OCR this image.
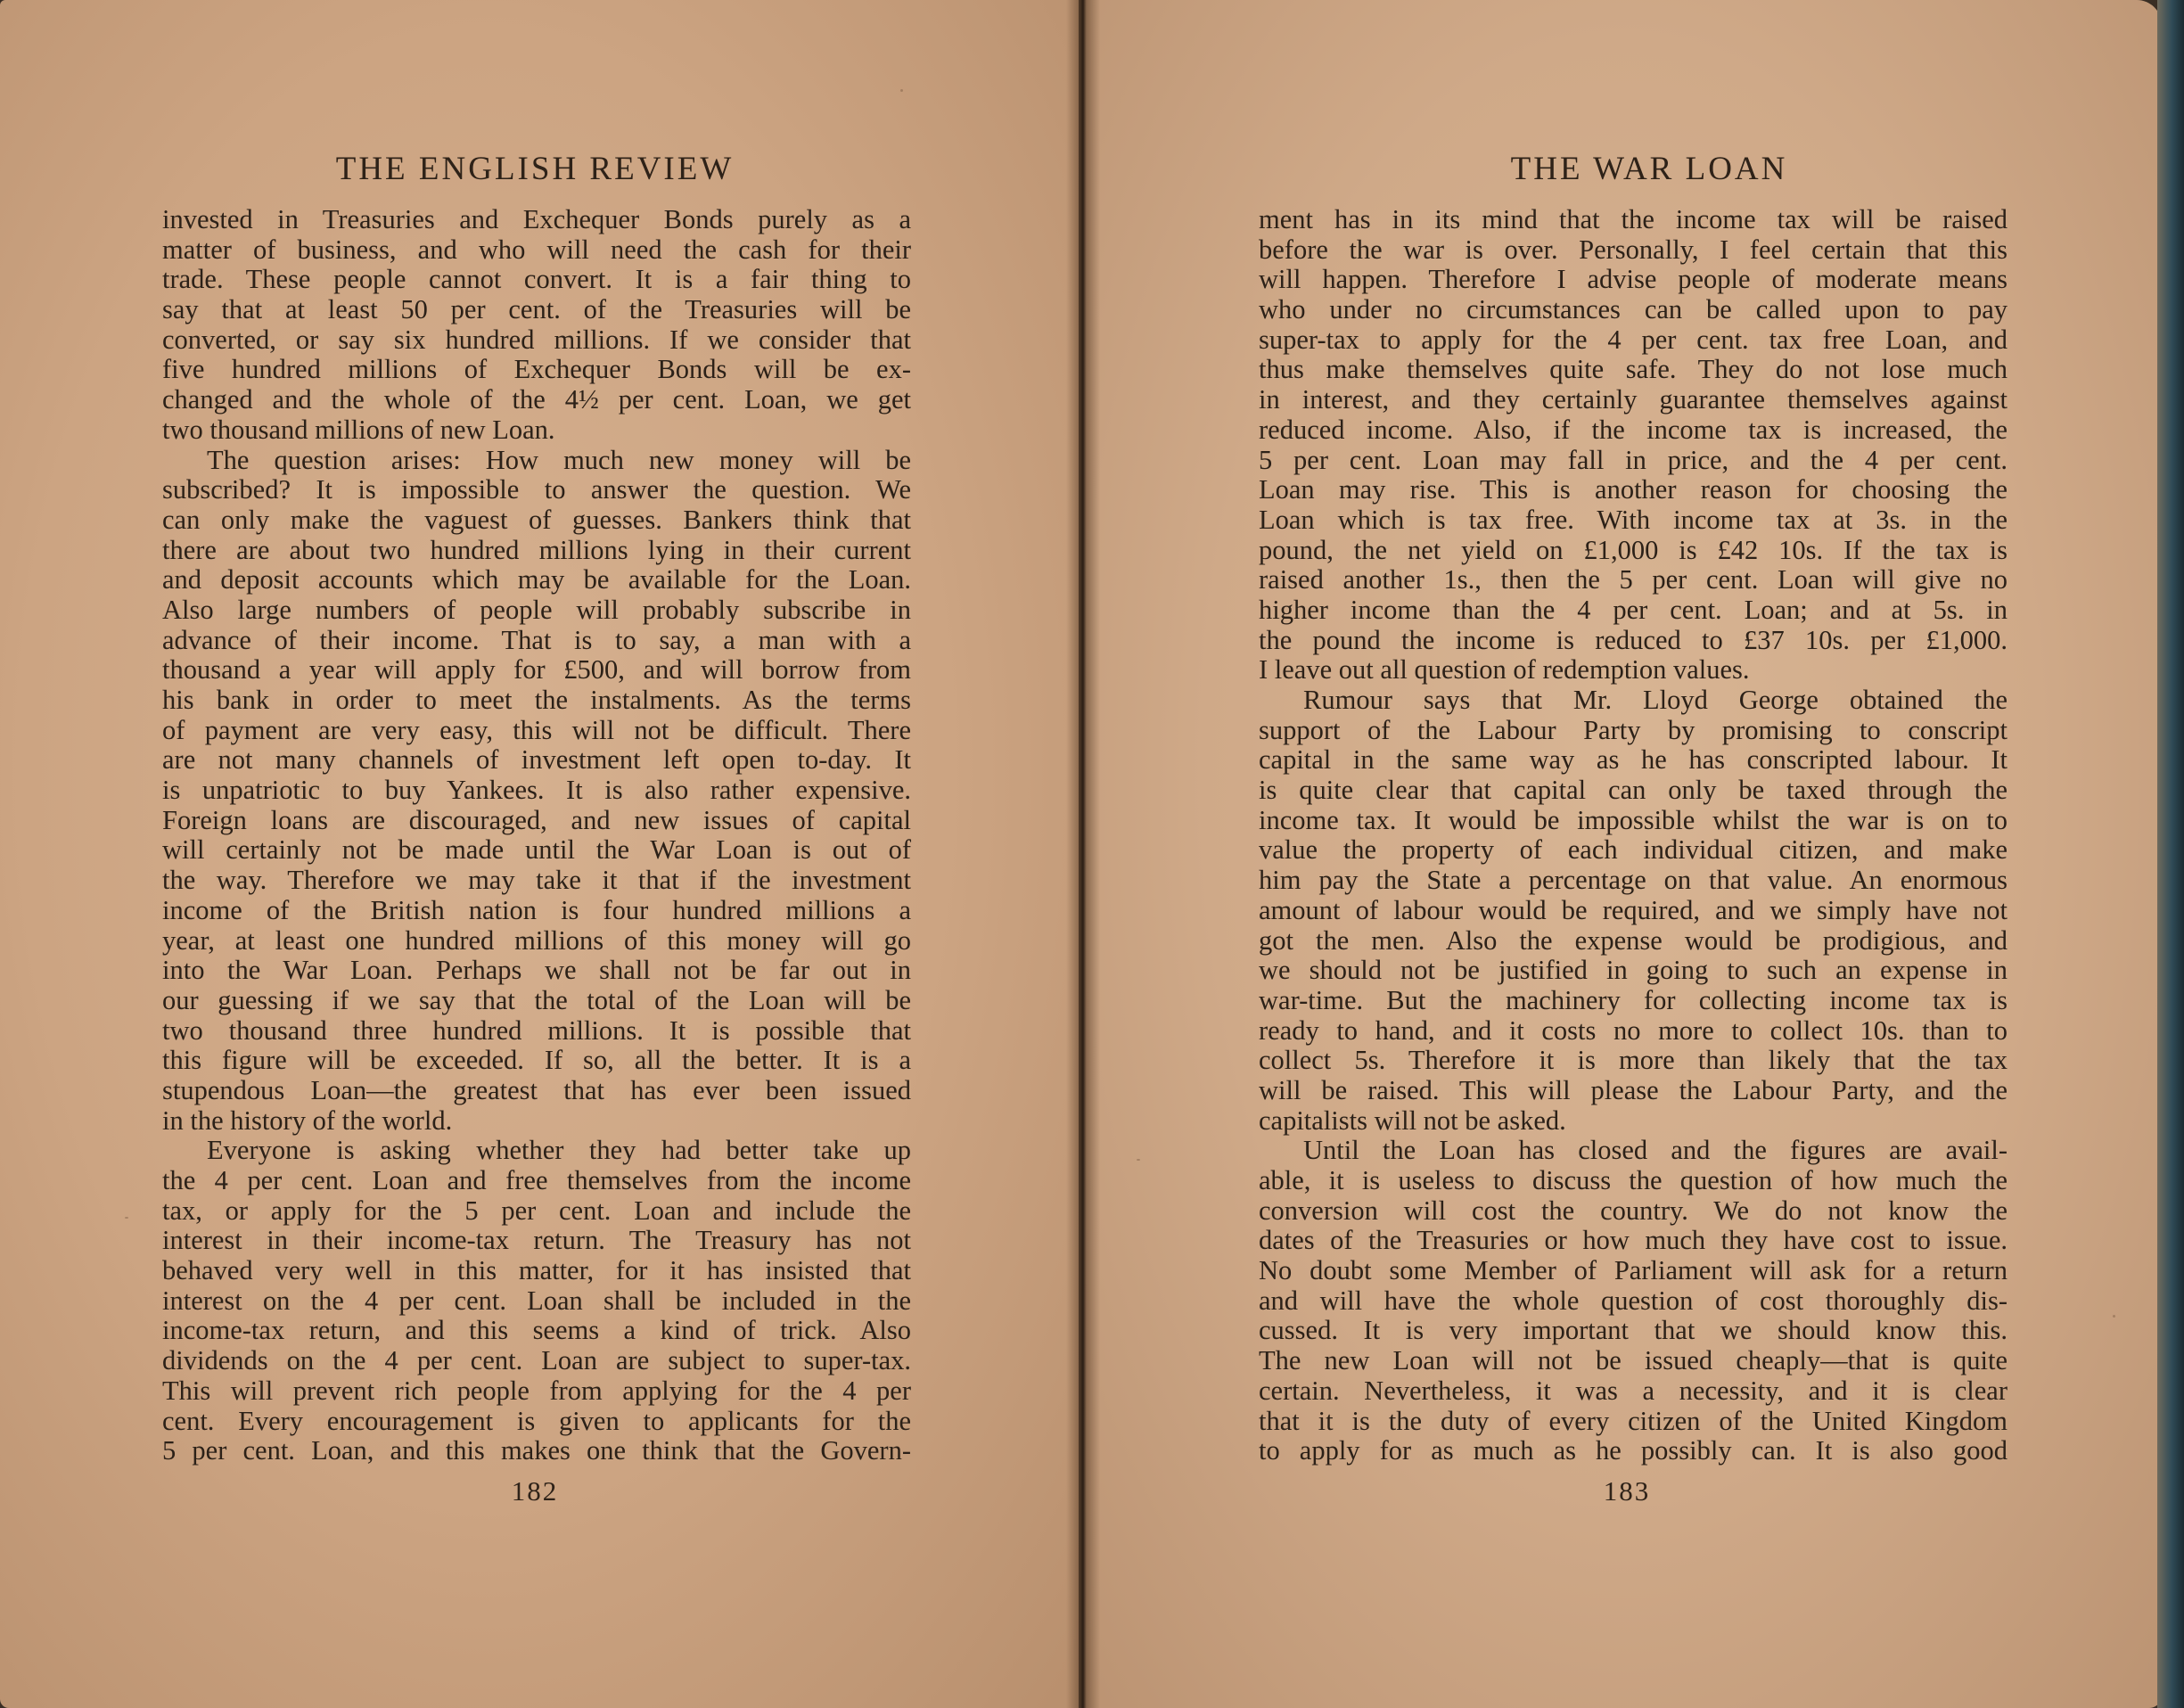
THE ENGLISH REVIEW
invested in Treasuries and Exchequer Bonds purely as a
matter of business, and who will need the cash for their
trade. These people cannot convert. It is a fair thing to
say that at least 50 per cent. of the Treasuries will be
converted, or say six hundred millions. If we consider that
five hundred millions of Exchequer Bonds will be ex-
changed and the whole of the 4½ per cent. Loan, we get
two thousand millions of new Loan.
The question arises: How much new money will be
subscribed? It is impossible to answer the question. We
can only make the vaguest of guesses. Bankers think that
there are about two hundred millions lying in their current
and deposit accounts which may be available for the Loan.
Also large numbers of people will probably subscribe in
advance of their income. That is to say, a man with a
thousand a year will apply for £500, and will borrow from
his bank in order to meet the instalments. As the terms
of payment are very easy, this will not be difficult. There
are not many channels of investment left open to-day. It
is unpatriotic to buy Yankees. It is also rather expensive.
Foreign loans are discouraged, and new issues of capital
will certainly not be made until the War Loan is out of
the way. Therefore we may take it that if the investment
income of the British nation is four hundred millions a
year, at least one hundred millions of this money will go
into the War Loan. Perhaps we shall not be far out in
our guessing if we say that the total of the Loan will be
two thousand three hundred millions. It is possible that
this figure will be exceeded. If so, all the better. It is a
stupendous Loan—the greatest that has ever been issued
in the history of the world.
Everyone is asking whether they had better take up
the 4 per cent. Loan and free themselves from the income
tax, or apply for the 5 per cent. Loan and include the
interest in their income-tax return. The Treasury has not
behaved very well in this matter, for it has insisted that
interest on the 4 per cent. Loan shall be included in the
income-tax return, and this seems a kind of trick. Also
dividends on the 4 per cent. Loan are subject to super-tax.
This will prevent rich people from applying for the 4 per
cent. Every encouragement is given to applicants for the
5 per cent. Loan, and this makes one think that the Govern-
182
THE WAR LOAN
ment has in its mind that the income tax will be raised
before the war is over. Personally, I feel certain that this
will happen. Therefore I advise people of moderate means
who under no circumstances can be called upon to pay
super-tax to apply for the 4 per cent. tax free Loan, and
thus make themselves quite safe. They do not lose much
in interest, and they certainly guarantee themselves against
reduced income. Also, if the income tax is increased, the
5 per cent. Loan may fall in price, and the 4 per cent.
Loan may rise. This is another reason for choosing the
Loan which is tax free. With income tax at 3s. in the
pound, the net yield on £1,000 is £42 10s. If the tax is
raised another 1s., then the 5 per cent. Loan will give no
higher income than the 4 per cent. Loan; and at 5s. in
the pound the income is reduced to £37 10s. per £1,000.
I leave out all question of redemption values.
Rumour says that Mr. Lloyd George obtained the
support of the Labour Party by promising to conscript
capital in the same way as he has conscripted labour. It
is quite clear that capital can only be taxed through the
income tax. It would be impossible whilst the war is on to
value the property of each individual citizen, and make
him pay the State a percentage on that value. An enormous
amount of labour would be required, and we simply have not
got the men. Also the expense would be prodigious, and
we should not be justified in going to such an expense in
war-time. But the machinery for collecting income tax is
ready to hand, and it costs no more to collect 10s. than to
collect 5s. Therefore it is more than likely that the tax
will be raised. This will please the Labour Party, and the
capitalists will not be asked.
Until the Loan has closed and the figures are avail-
able, it is useless to discuss the question of how much the
conversion will cost the country. We do not know the
dates of the Treasuries or how much they have cost to issue.
No doubt some Member of Parliament will ask for a return
and will have the whole question of cost thoroughly dis-
cussed. It is very important that we should know this.
The new Loan will not be issued cheaply—that is quite
certain. Nevertheless, it was a necessity, and it is clear
that it is the duty of every citizen of the United Kingdom
to apply for as much as he possibly can. It is also good
183
